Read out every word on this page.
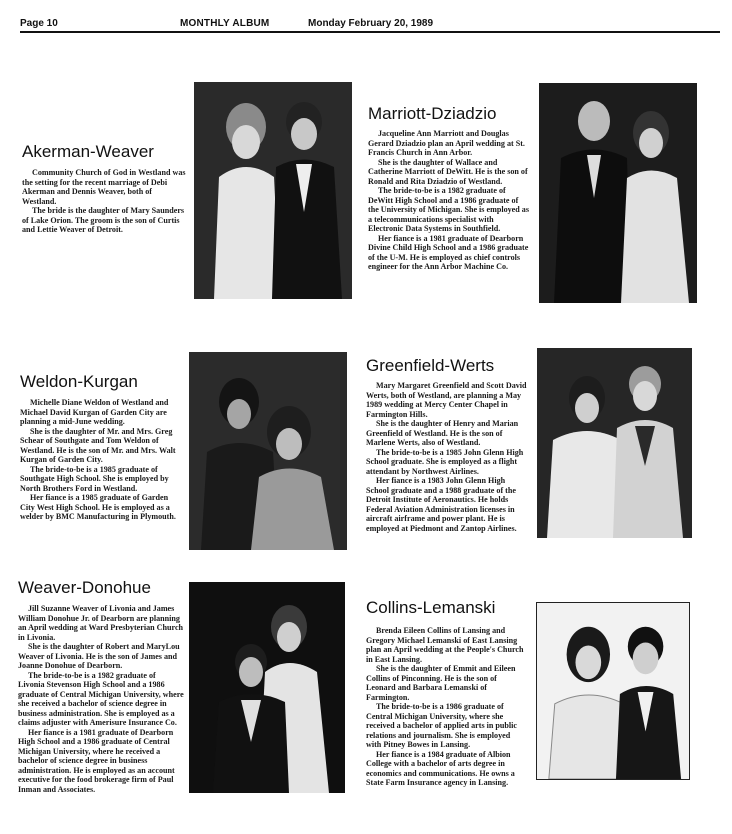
Page 10	MONTHLY ALBUM	Monday February 20, 1989
Akerman-Weaver

Community Church of God in Westland was the setting for the recent marriage of Debi Akerman and Dennis Weaver, both of Westland.

The bride is the daughter of Mary Saunders of Lake Orion. The groom is the son of Curtis and Lettie Weaver of Detroit.

Marriott-Dziadzio

Jacqueline Ann Marriott and Douglas Gerard Dziadzio plan an April wedding at St. Francis Church in Ann Arbor.

She is the daughter of Wallace and Catherine Marriott of DeWitt. He is the son of Ronald and Rita Dziadzio of Westland.

The bride-to-be is a 1982 graduate of DeWitt High School and a 1986 graduate of the University of Michigan. She is employed as a telecommunications specialist with Electronic Data Systems in Southfield.

Her fiance is a 1981 graduate of Dearborn Divine Child High School and a 1986 graduate of the U-M. He is employed as chief controls engineer for the Ann Arbor Machine Co.

Weldon-Kurgan

Michelle Diane Weldon of Westland and Michael David Kurgan of Garden City are planning a mid-June wedding.

She is the daughter of Mr. and Mrs. Greg Schear of Southgate and Tom Weldon of Westland. He is the son of Mr. and Mrs. Walt Kurgan of Garden City.

The bride-to-be is a 1985 graduate of Southgate High School. She is employed by North Brothers Ford in Westland.

Her fiance is a 1985 graduate of Garden City West High School. He is employed as a welder by BMC Manufacturing in Plymouth.

Greenfield-Werts

Mary Margaret Greenfield and Scott David Werts, both of Westland, are planning a May 1989 wedding at Mercy Center Chapel in Farmington Hills.

She is the daughter of Henry and Marian Greenfield of Westland. He is the son of Marlene Werts, also of Westland.

The bride-to-be is a 1985 John Glenn High School graduate. She is employed as a flight attendant by Northwest Airlines.

Her fiance is a 1983 John Glenn High School graduate and a 1988 graduate of the Detroit Institute of Aeronautics. He holds Federal Aviation Administration licenses in aircraft airframe and power plant. He is employed at Piedmont and Zantop Airlines.

Weaver-Donohue

Jill Suzanne Weaver of Livonia and James William Donohue Jr. of Dearborn are planning an April wedding at Ward Presbyterian Church in Livonia.

She is the daughter of Robert and MaryLou Weaver of Livonia. He is the son of James and Joanne Donohue of Dearborn.

The bride-to-be is a 1982 graduate of Livonia Stevenson High School and a 1986 graduate of Central Michigan University, where she received a bachelor of science degree in business administration. She is employed as a claims adjuster with Amerisure Insurance Co.

Her fiance is a 1981 graduate of Dearborn High School and a 1986 graduate of Central Michigan University, where he received a bachelor of science degree in business administration. He is employed as an account executive for the food brokerage firm of Paul Inman and Associates.

Collins-Lemanski

Brenda Eileen Collins of Lansing and Gregory Michael Lemanski of East Lansing plan an April wedding at the People's Church in East Lansing.

She is the daughter of Emmit and Eileen Collins of Pinconning. He is the son of Leonard and Barbara Lemanski of Farmington.

The bride-to-be is a 1986 graduate of Central Michigan University, where she received a bachelor of applied arts in public relations and journalism. She is employed with Pitney Bowes in Lansing.

Her fiance is a 1984 graduate of Albion College with a bachelor of arts degree in economics and communications. He owns a State Farm Insurance agency in Lansing.
